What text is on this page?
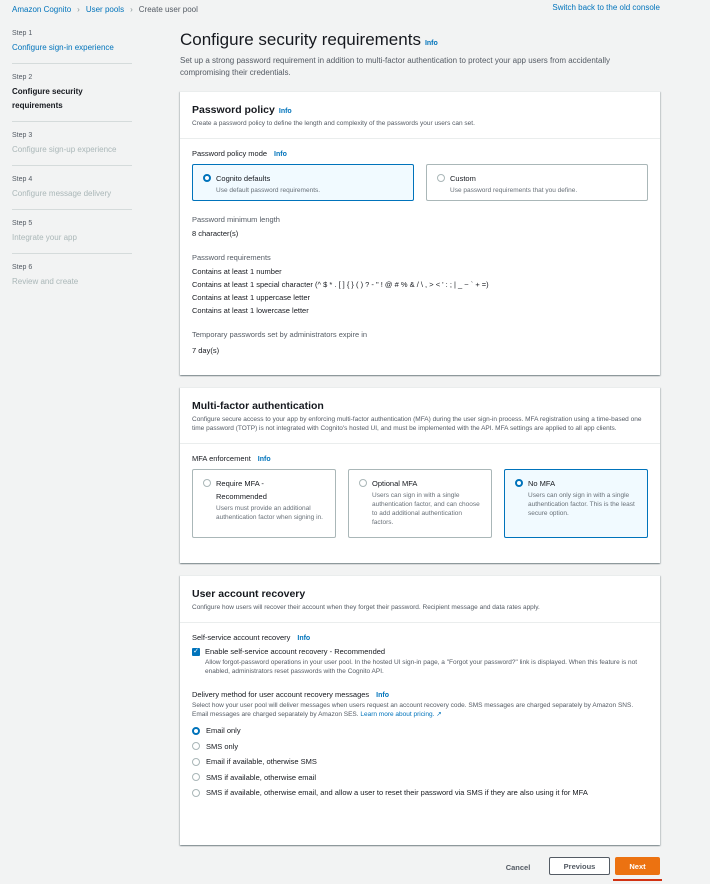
Amazon Cognito › User pools › Create user pool	Switch back to the old console
Step 1
Configure sign-in experience
Step 2
Configure security requirements
Step 3
Configure sign-up experience
Step 4
Configure message delivery
Step 5
Integrate your app
Step 6
Review and create
Configure security requirements Info

Set up a strong password requirement in addition to multi-factor authentication to protect your app users from accidentally compromising their credentials.

Password policy Info
Create a password policy to define the length and complexity of the passwords your users can set.
Password policy mode Info
Cognito defaults
Use default password requirements.
Custom
Use password requirements that you define.
Password minimum length
8 character(s)
Password requirements
Contains at least 1 number
Contains at least 1 special character (^ $ * . [ ] { } ( ) ? - " ! @ # % & / \ , > < ' : ; | _ ~ ` + =)
Contains at least 1 uppercase letter
Contains at least 1 lowercase letter
Temporary passwords set by administrators expire in
7 day(s)
Multi-factor authentication
Configure secure access to your app by enforcing multi-factor authentication (MFA) during the user sign-in process. MFA registration using a time-based one time password (TOTP) is not integrated with Cognito's hosted UI, and must be implemented with the API. MFA settings are applied to all app clients.
MFA enforcement Info
Require MFA - Recommended
Users must provide an additional authentication factor when signing in.
Optional MFA
Users can sign in with a single authentication factor, and can choose to add additional authentication factors.
No MFA
Users can only sign in with a single authentication factor. This is the least secure option.
User account recovery
Configure how users will recover their account when they forget their password. Recipient message and data rates apply.
Self-service account recovery Info
✓ Enable self-service account recovery - Recommended
Allow forgot-password operations in your user pool. In the hosted UI sign-in page, a "Forgot your password?" link is displayed. When this feature is not enabled, administrators reset passwords with the Cognito API.
Delivery method for user account recovery messages Info
Select how your user pool will deliver messages when users request an account recovery code. SMS messages are charged separately by Amazon SNS. Email messages are charged separately by Amazon SES. Learn more about pricing. ↗
Email only
SMS only
Email if available, otherwise SMS
SMS if available, otherwise email
SMS if available, otherwise email, and allow a user to reset their password via SMS if they are also using it for MFA
Cancel	Previous	Next
